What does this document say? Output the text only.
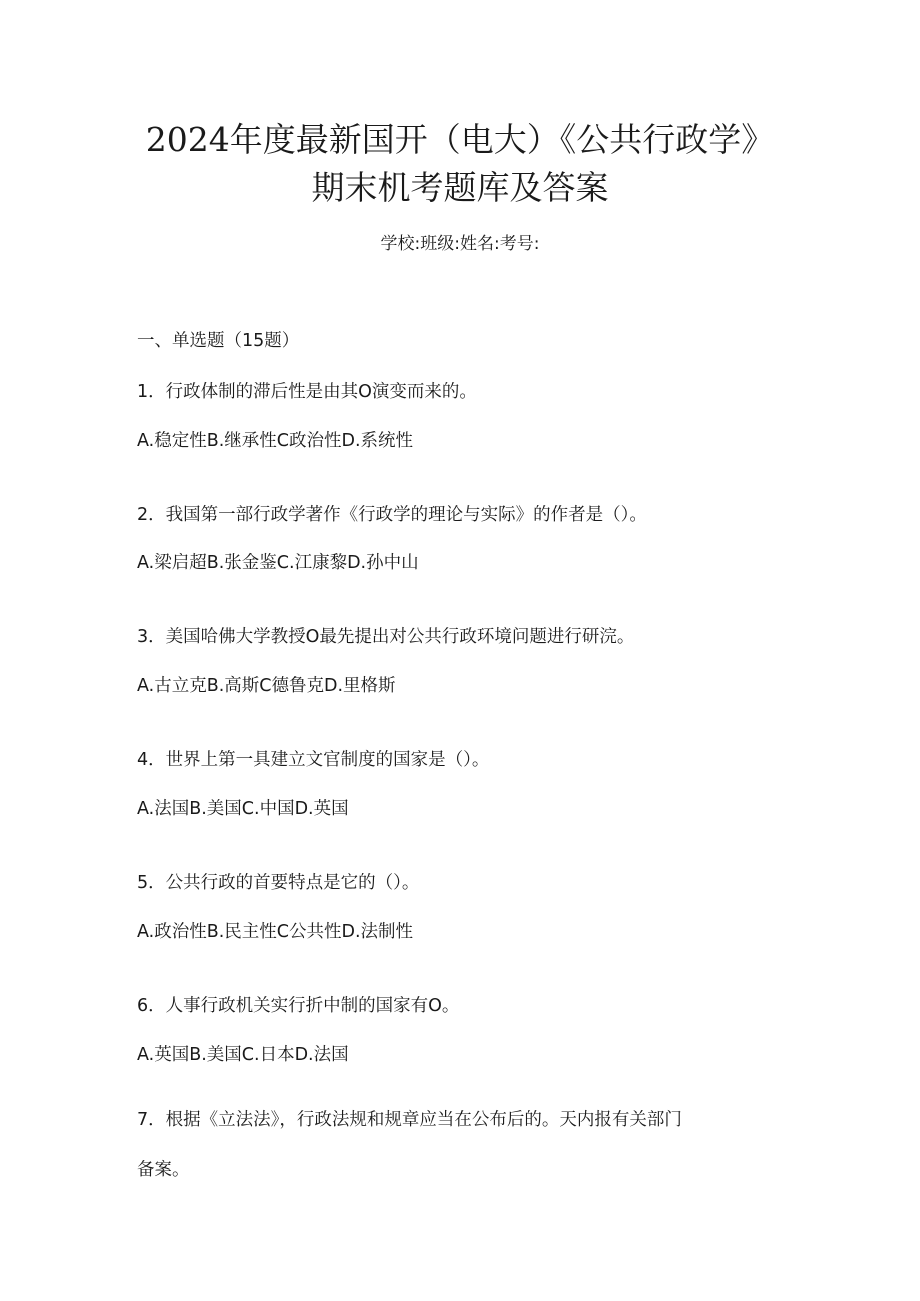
2024年度最新国开（电大）《公共行政学》
期末机考题库及答案
学校:班级:姓名:考号:
一、单选题（15题）
1．行政体制的滞后性是由其O演变而来的。
A.稳定性B.继承性C政治性D.系统性
2．我国第一部行政学著作《行政学的理论与实际》的作者是（）。
A.梁启超B.张金鉴C.江康黎D.孙中山
3．美国哈佛大学教授O最先提出对公共行政环境问题进行研浣。
A.古立克B.高斯C德鲁克D.里格斯
4．世界上第一具建立文官制度的国家是（）。
A.法国B.美国C.中国D.英国
5．公共行政的首要特点是它的（）。
A.政治性B.民主性C公共性D.法制性
6．人事行政机关实行折中制的国家有O。
A.英国B.美国C.日本D.法国
7．根据《立法法》，行政法规和规章应当在公布后的。天内报有关部门
备案。
